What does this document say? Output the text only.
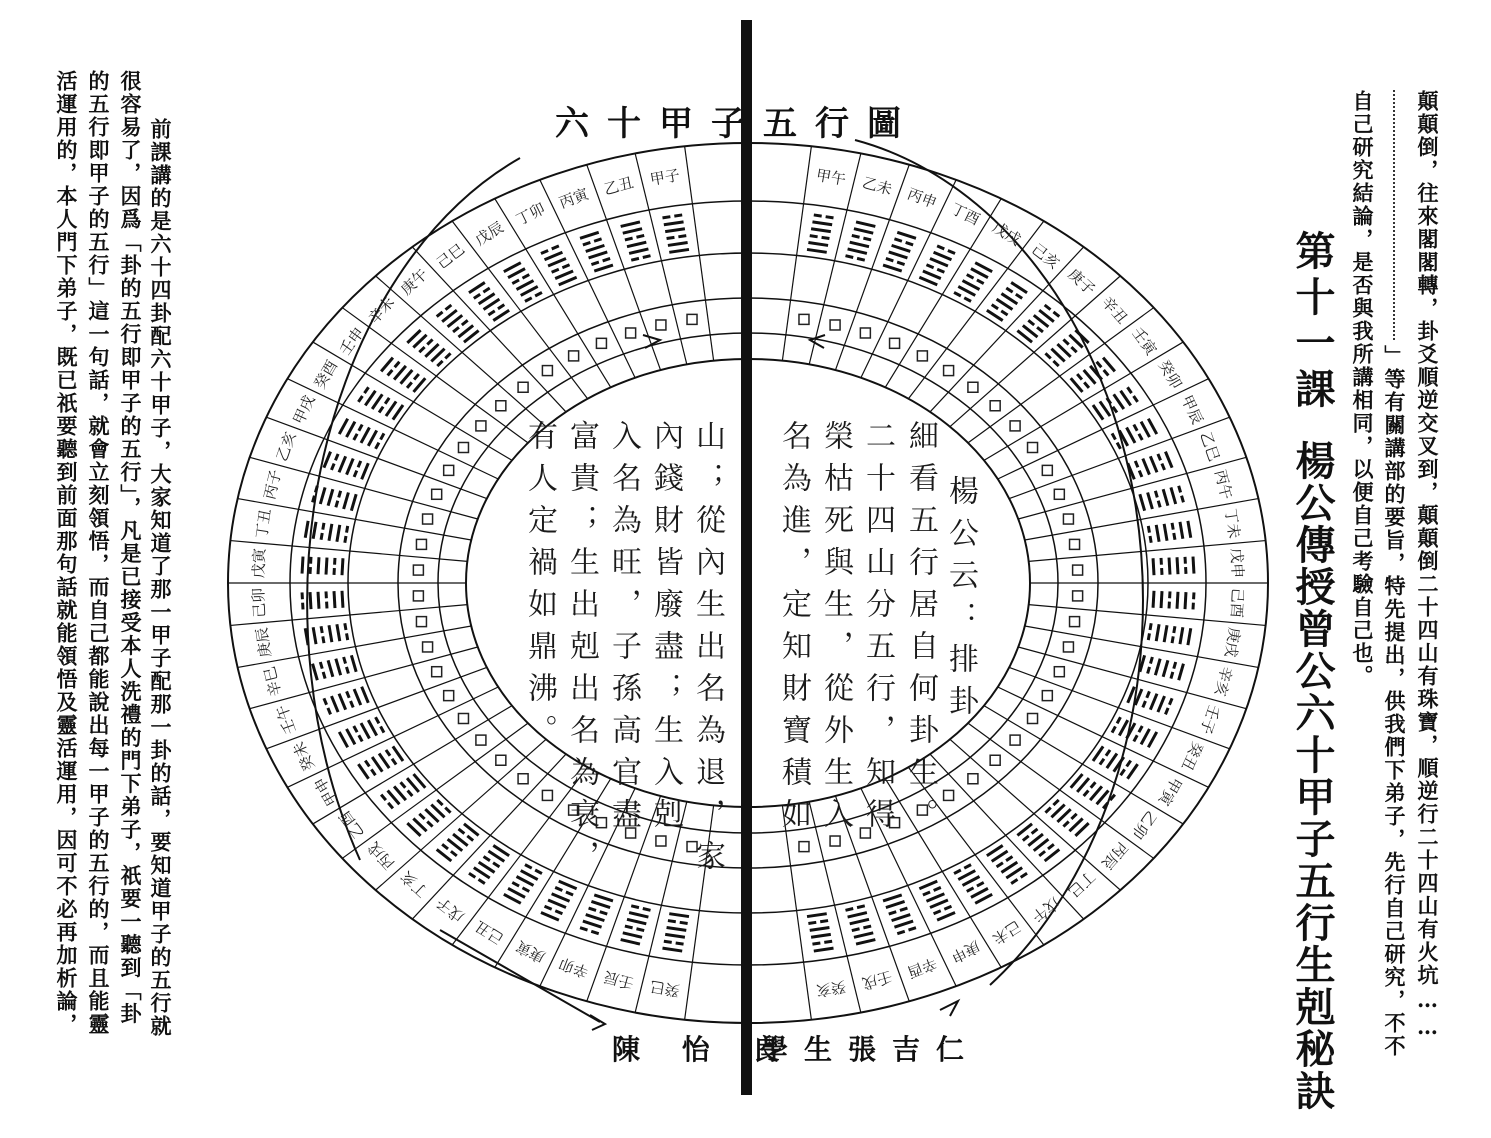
前課講的是六十四卦配六十甲子，大家知道了那一甲子配那一卦的話，要知道甲子的五行就
很容易了，因爲「卦的五行即甲子的五行」，凡是已接受本人洗禮的門下弟子，祇要一聽到「卦
的五行即甲子的五行」這一句話，就會立刻領悟，而自己都能說出每一甲子的五行的，而且能靈
活運用的，本人門下弟子，既已祇要聽到前面那句話就能領悟及靈活運用，因可不必再加析論，	甲子
乙丑
丙寅
丁卯
戊辰
己巳
庚午
辛未
壬申
癸酉
甲戌
乙亥
丙子
丁丑
戊寅
己卯
庚辰
辛巳
壬午
癸未
甲申
乙酉
丙戌
丁亥
戊子
己丑
庚寅
辛卯 壬辰 癸巳
甲午 乙未 丙申
丁酉
戊戌
己亥
庚子
辛丑
壬寅
癸卯
甲辰
乙巳
丙午
丁未
戊申
己酉
庚戌
辛亥
壬子
癸丑
甲寅
乙卯
丙辰
丁巳
戊午
己未
庚申
辛酉
壬戌
癸亥
六十甲子五行圖
陳 怡 良
學生張吉仁
楊公云：排卦
細看五行居自何卦生。
二十四山分五行，知得
榮枯死與生，從外生入
名為進，定知財寶積如
山；從內生出名為退，家
內錢財皆廢盡；生入剋
入名為旺，子孫高官盡
富貴；生出剋出名為衰，
有人定禍如鼎沸。	顛顛倒，往來閣閣轉，卦爻順逆交叉到，顛顛倒二十四山有珠寶，順逆行二十四山有火坑……
」等有關講部的要旨，特先提出，供我們下弟子，先行自己研究，不不
自己研究結論，是否與我所講相同，以便自己考驗自己也。
第十一課
楊公傳授曾公六十甲子五行生剋秘訣
